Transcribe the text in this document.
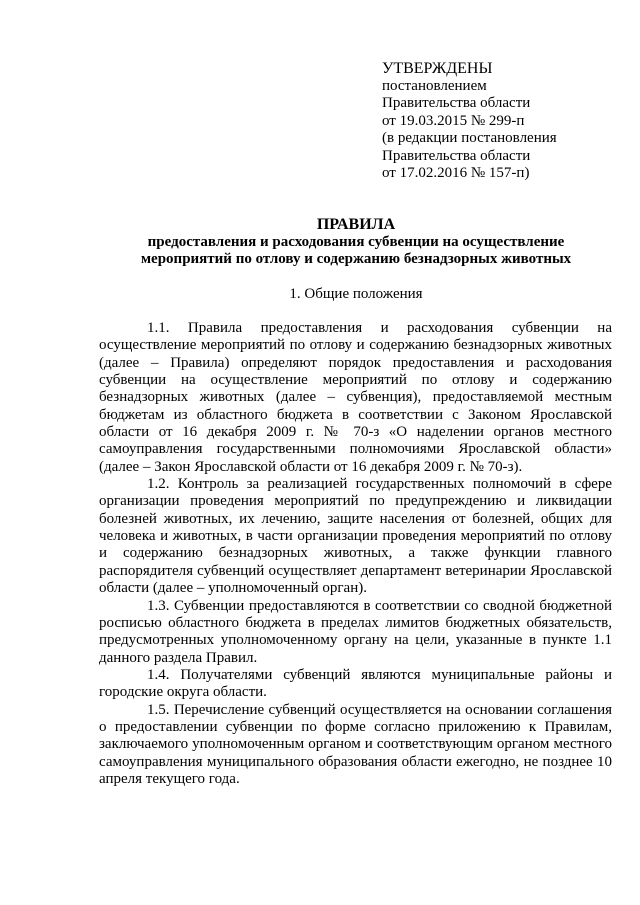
УТВЕРЖДЕНЫ
постановлением
Правительства области
от 19.03.2015 № 299-п
(в редакции постановления
Правительства области
от 17.02.2016 № 157-п)
ПРАВИЛА
предоставления и расходования субвенции на осуществление
мероприятий по отлову и содержанию безнадзорных животных
1. Общие положения

1.1. Правила предоставления и расходования субвенции на осуществление мероприятий по отлову и содержанию безнадзорных животных (далее – Правила) определяют порядок предоставления и расходования субвенции на осуществление мероприятий по отлову и содержанию безнадзорных животных (далее – субвенция), предоставляемой местным бюджетам из областного бюджета в соответствии с Законом Ярославской области от 16 декабря 2009 г. № 70-з «О наделении органов местного самоуправления государственными полномочиями Ярославской области» (далее – Закон Ярославской области от 16 декабря 2009 г. № 70-з).

1.2. Контроль за реализацией государственных полномочий в сфере организации проведения мероприятий по предупреждению и ликвидации болезней животных, их лечению, защите населения от болезней, общих для человека и животных, в части организации проведения мероприятий по отлову и содержанию безнадзорных животных, а также функции главного распорядителя субвенций осуществляет департамент ветеринарии Ярославской области (далее – уполномоченный орган).

1.3. Субвенции предоставляются в соответствии со сводной бюджетной росписью областного бюджета в пределах лимитов бюджетных обязательств, предусмотренных уполномоченному органу на цели, указанные в пункте 1.1 данного раздела Правил.

1.4. Получателями субвенций являются муниципальные районы и городские округа области.

1.5. Перечисление субвенций осуществляется на основании соглашения о предоставлении субвенции по форме согласно приложению к Правилам, заключаемого уполномоченным органом и соответствующим органом местного самоуправления муниципального образования области ежегодно, не позднее 10 апреля текущего года.
